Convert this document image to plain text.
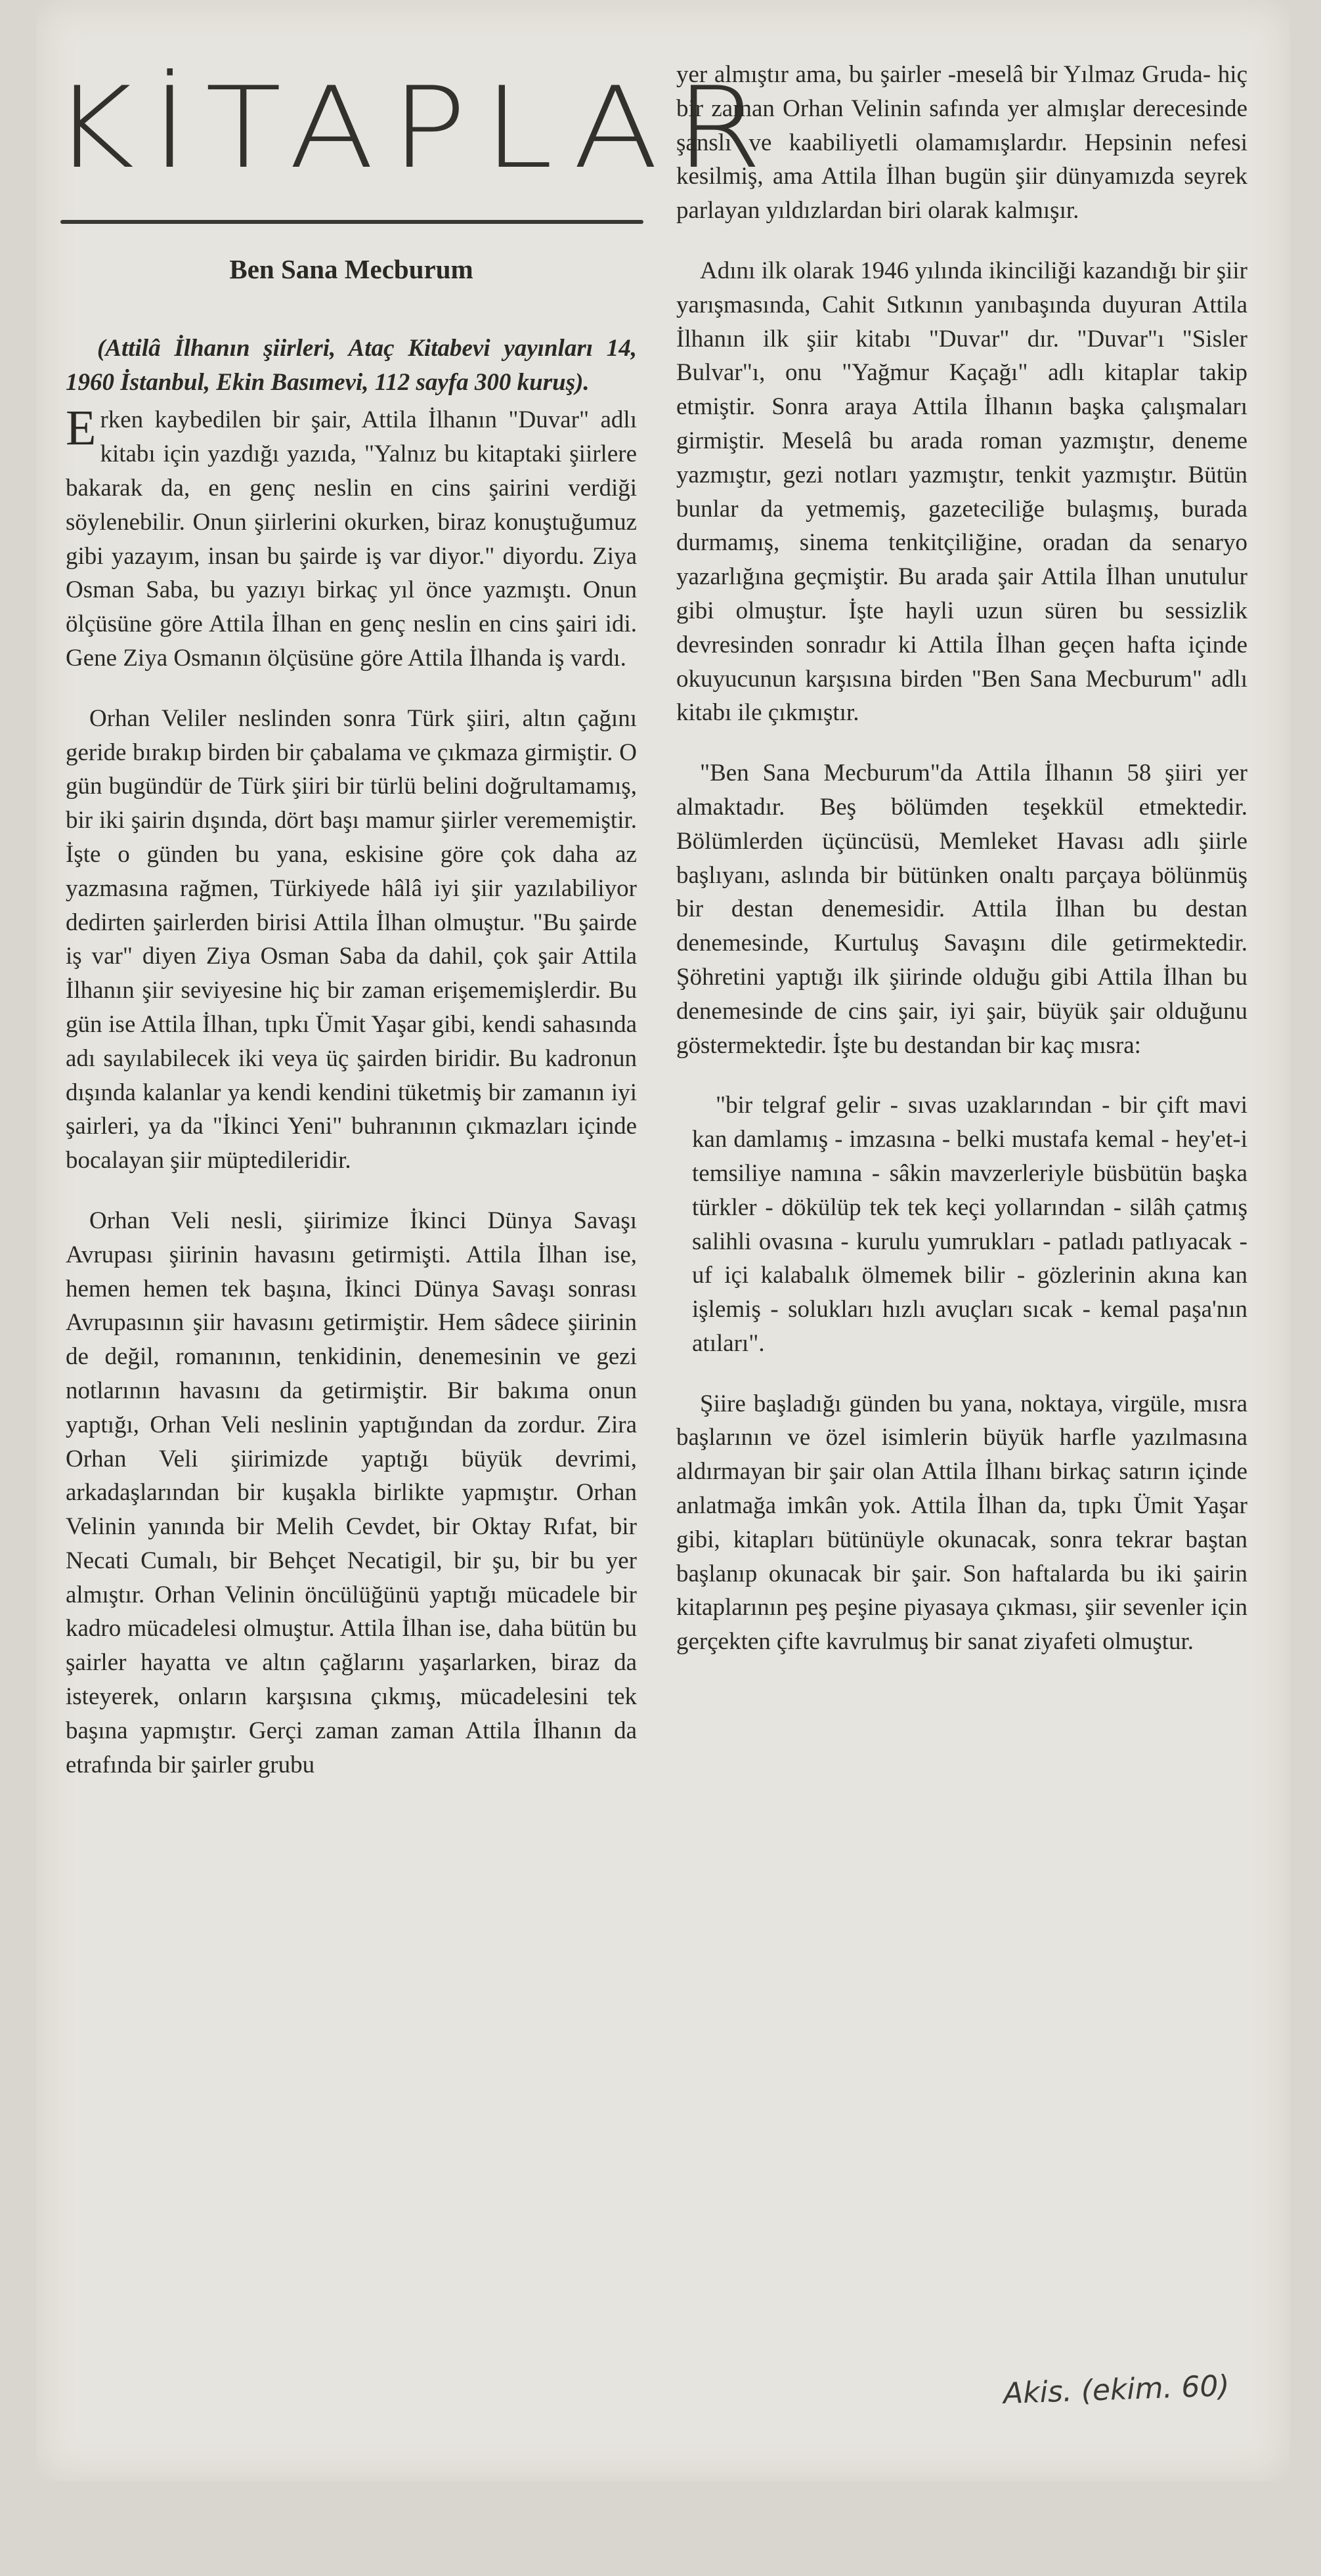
KİTAPLAR
Ben Sana Mecburum

(Attilâ İlhanın şiirleri, Ataç Kitabevi yayınları 14, 1960 İstanbul, Ekin Basımevi, 112 sayfa 300 kuruş).

Erken kaybedilen bir şair, Attila İlhanın "Duvar" adlı kitabı için yazdığı yazıda, "Yalnız bu kitaptaki şiirlere bakarak da, en genç neslin en cins şairini verdiği söylenebilir. Onun şiirlerini okurken, biraz konuştuğumuz gibi yazayım, insan bu şairde iş var diyor." diyordu. Ziya Osman Saba, bu yazıyı birkaç yıl önce yazmıştı. Onun ölçüsüne göre Attila İlhan en genç neslin en cins şairi idi. Gene Ziya Osmanın ölçüsüne göre Attila İlhanda iş vardı.

Orhan Veliler neslinden sonra Türk şiiri, altın çağını geride bırakıp birden bir çabalama ve çıkmaza girmiştir. O gün bugündür de Türk şiiri bir türlü belini doğrultamamış, bir iki şairin dışında, dört başı mamur şiirler verememiştir. İşte o günden bu yana, eskisine göre çok daha az yazmasına rağmen, Türkiyede hâlâ iyi şiir yazılabiliyor dedirten şairlerden birisi Attila İlhan olmuştur. "Bu şairde iş var" diyen Ziya Osman Saba da dahil, çok şair Attila İlhanın şiir seviyesine hiç bir zaman erişememişlerdir. Bu gün ise Attila İlhan, tıpkı Ümit Yaşar gibi, kendi sahasında adı sayılabilecek iki veya üç şairden biridir. Bu kadronun dışında kalanlar ya kendi kendini tüketmiş bir zamanın iyi şairleri, ya da "İkinci Yeni" buhranının çıkmazları içinde bocalayan şiir müptedileridir.

Orhan Veli nesli, şiirimize İkinci Dünya Savaşı Avrupası şiirinin havasını getirmişti. Attila İlhan ise, hemen hemen tek başına, İkinci Dünya Savaşı sonrası Avrupasının şiir havasını getirmiştir. Hem sâdece şiirinin de değil, romanının, tenkidinin, denemesinin ve gezi notlarının havasını da getirmiştir. Bir bakıma onun yaptığı, Orhan Veli neslinin yaptığından da zordur. Zira Orhan Veli şiirimizde yaptığı büyük devrimi, arkadaşlarından bir kuşakla birlikte yapmıştır. Orhan Velinin yanında bir Melih Cevdet, bir Oktay Rıfat, bir Necati Cumalı, bir Behçet Necatigil, bir şu, bir bu yer almıştır. Orhan Velinin öncülüğünü yaptığı mücadele bir kadro mücadelesi olmuştur. Attila İlhan ise, daha bütün bu şairler hayatta ve altın çağlarını yaşarlarken, biraz da isteyerek, onların karşısına çıkmış, mücadelesini tek başına yapmıştır. Gerçi zaman zaman Attila İlhanın da etrafında bir şairler grubu

yer almıştır ama, bu şairler -meselâ bir Yılmaz Gruda- hiç bir zaman Orhan Velinin safında yer almışlar derecesinde şanslı ve kaabiliyetli olamamışlardır. Hepsinin nefesi kesilmiş, ama Attila İlhan bugün şiir dünyamızda seyrek parlayan yıldızlardan biri olarak kalmışır.

Adını ilk olarak 1946 yılında ikinciliği kazandığı bir şiir yarışmasında, Cahit Sıtkının yanıbaşında duyuran Attila İlhanın ilk şiir kitabı "Duvar" dır. "Duvar"ı "Sisler Bulvar"ı, onu "Yağmur Kaçağı" adlı kitaplar takip etmiştir. Sonra araya Attila İlhanın başka çalışmaları girmiştir. Meselâ bu arada roman yazmıştır, deneme yazmıştır, gezi notları yazmıştır, tenkit yazmıştır. Bütün bunlar da yetmemiş, gazeteciliğe bulaşmış, burada durmamış, sinema tenkitçiliğine, oradan da senaryo yazarlığına geçmiştir. Bu arada şair Attila İlhan unutulur gibi olmuştur. İşte hayli uzun süren bu sessizlik devresinden sonradır ki Attila İlhan geçen hafta içinde okuyucunun karşısına birden "Ben Sana Mecburum" adlı kitabı ile çıkmıştır.

"Ben Sana Mecburum"da Attila İlhanın 58 şiiri yer almaktadır. Beş bölümden teşekkül etmektedir. Bölümlerden üçüncüsü, Memleket Havası adlı şiirle başlıyanı, aslında bir bütünken onaltı parçaya bölünmüş bir destan denemesidir. Attila İlhan bu destan denemesinde, Kurtuluş Savaşını dile getirmektedir. Şöhretini yaptığı ilk şiirinde olduğu gibi Attila İlhan bu denemesinde de cins şair, iyi şair, büyük şair olduğunu göstermektedir. İşte bu destandan bir kaç mısra:

"bir telgraf gelir - sıvas uzaklarından - bir çift mavi kan damlamış - imzasına - belki mustafa kemal - hey'et-i temsiliye namına - sâkin mavzerleriyle büsbütün başka türkler - dökülüp tek tek keçi yollarından - silâh çatmış salihli ovasına - kurulu yumrukları - patladı patlıyacak - uf içi kalabalık ölmemek bilir - gözlerinin akına kan işlemiş - solukları hızlı avuçları sıcak - kemal paşa'nın atıları".

Şiire başladığı günden bu yana, noktaya, virgüle, mısra başlarının ve özel isimlerin büyük harfle yazılmasına aldırmayan bir şair olan Attila İlhanı birkaç satırın içinde anlatmağa imkân yok. Attila İlhan da, tıpkı Ümit Yaşar gibi, kitapları bütünüyle okunacak, sonra tekrar baştan başlanıp okunacak bir şair. Son haftalarda bu iki şairin kitaplarının peş peşine piyasaya çıkması, şiir sevenler için gerçekten çifte kavrulmuş bir sanat ziyafeti olmuştur.

Akis. (ekim. 60)
